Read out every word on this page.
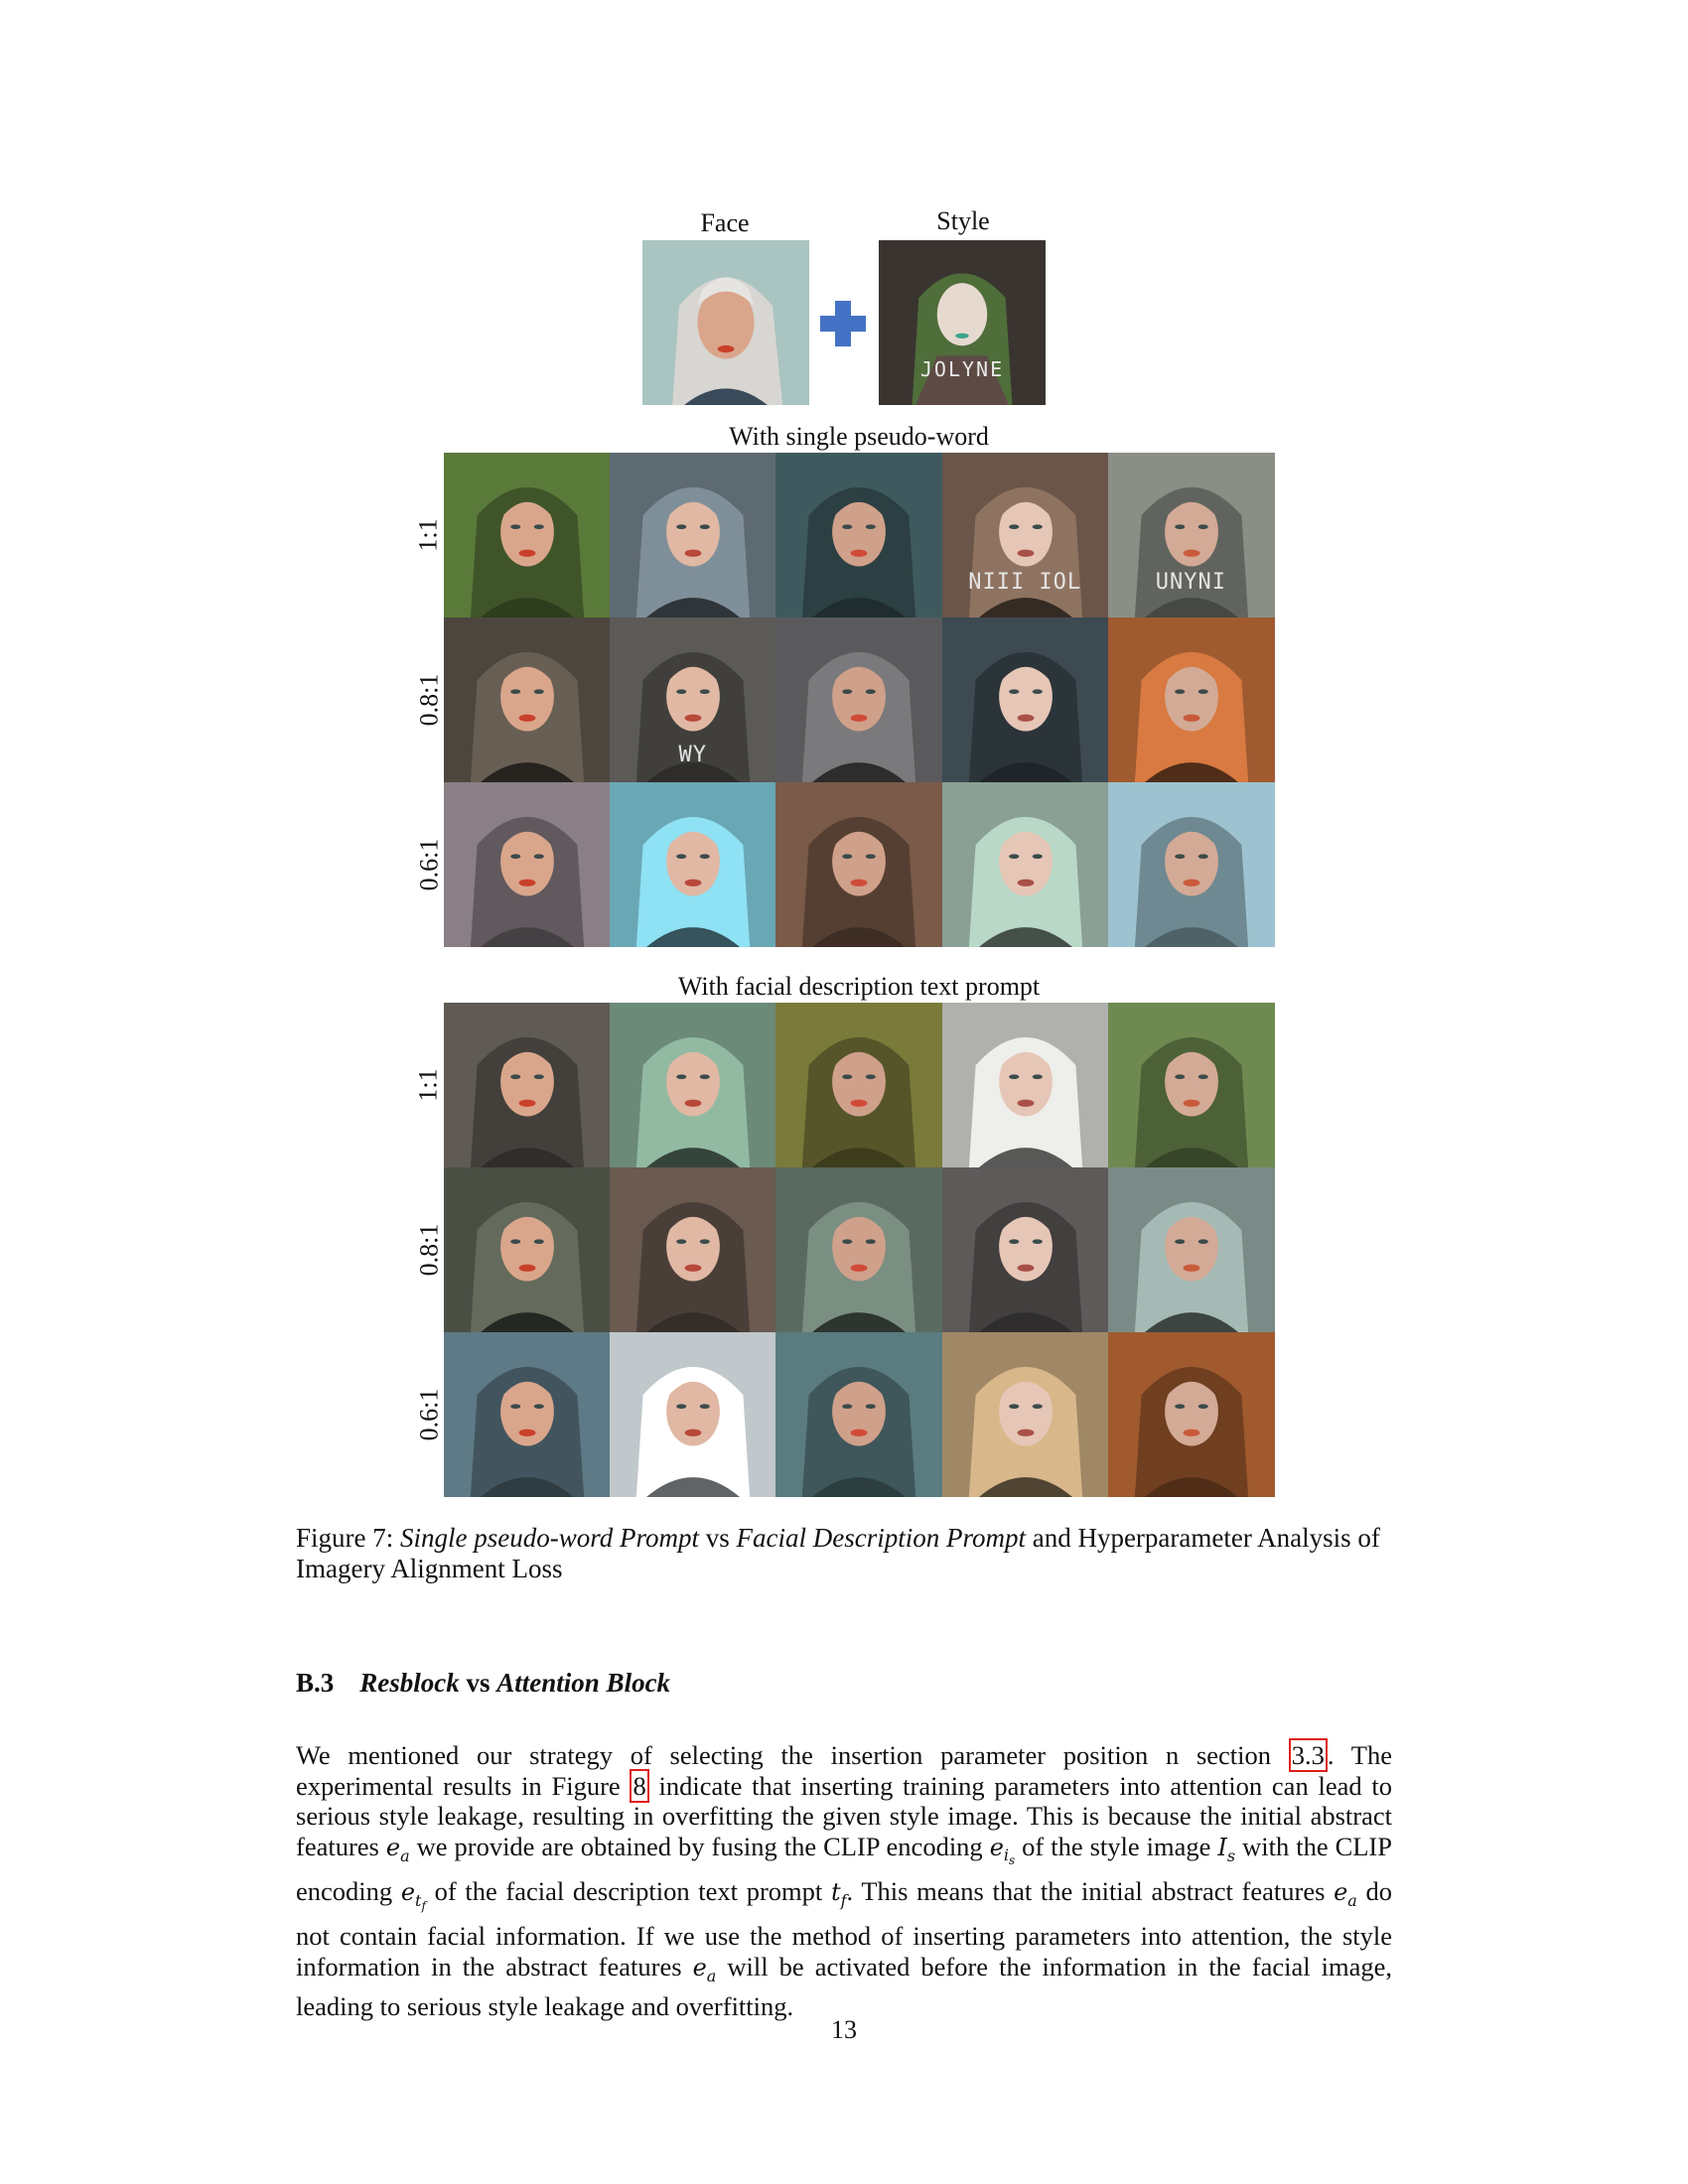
Face	Style
JOLYNE
With single pseudo-word
1:1
0.8:1
0.6:1
NIII IOL	UNYNI
WY
With facial description text prompt
1:1
0.8:1
0.6:1
Figure 7: Single pseudo-word Prompt vs Facial Description Prompt and Hyperparameter Analysis of Imagery Alignment Loss
B.3 Resblock vs Attention Block

We mentioned our strategy of selecting the insertion parameter position n section 3.3 . The experimental results in Figure 8 indicate that inserting training parameters into attention can lead to serious style leakage, resulting in overfitting the given style image. This is because the initial abstract features $e_a$ we provide are obtained by fusing the CLIP encoding $e_{i_s}$ of the style image $I_s$ with the CLIP encoding $e_{t_f}$ of the facial description text prompt $t_f$. This means that the initial abstract features $e_a$ do not contain facial information. If we use the method of inserting parameters into attention, the style information in the abstract features $e_a$ will be activated before the information in the facial image, leading to serious style leakage and overfitting.

13
